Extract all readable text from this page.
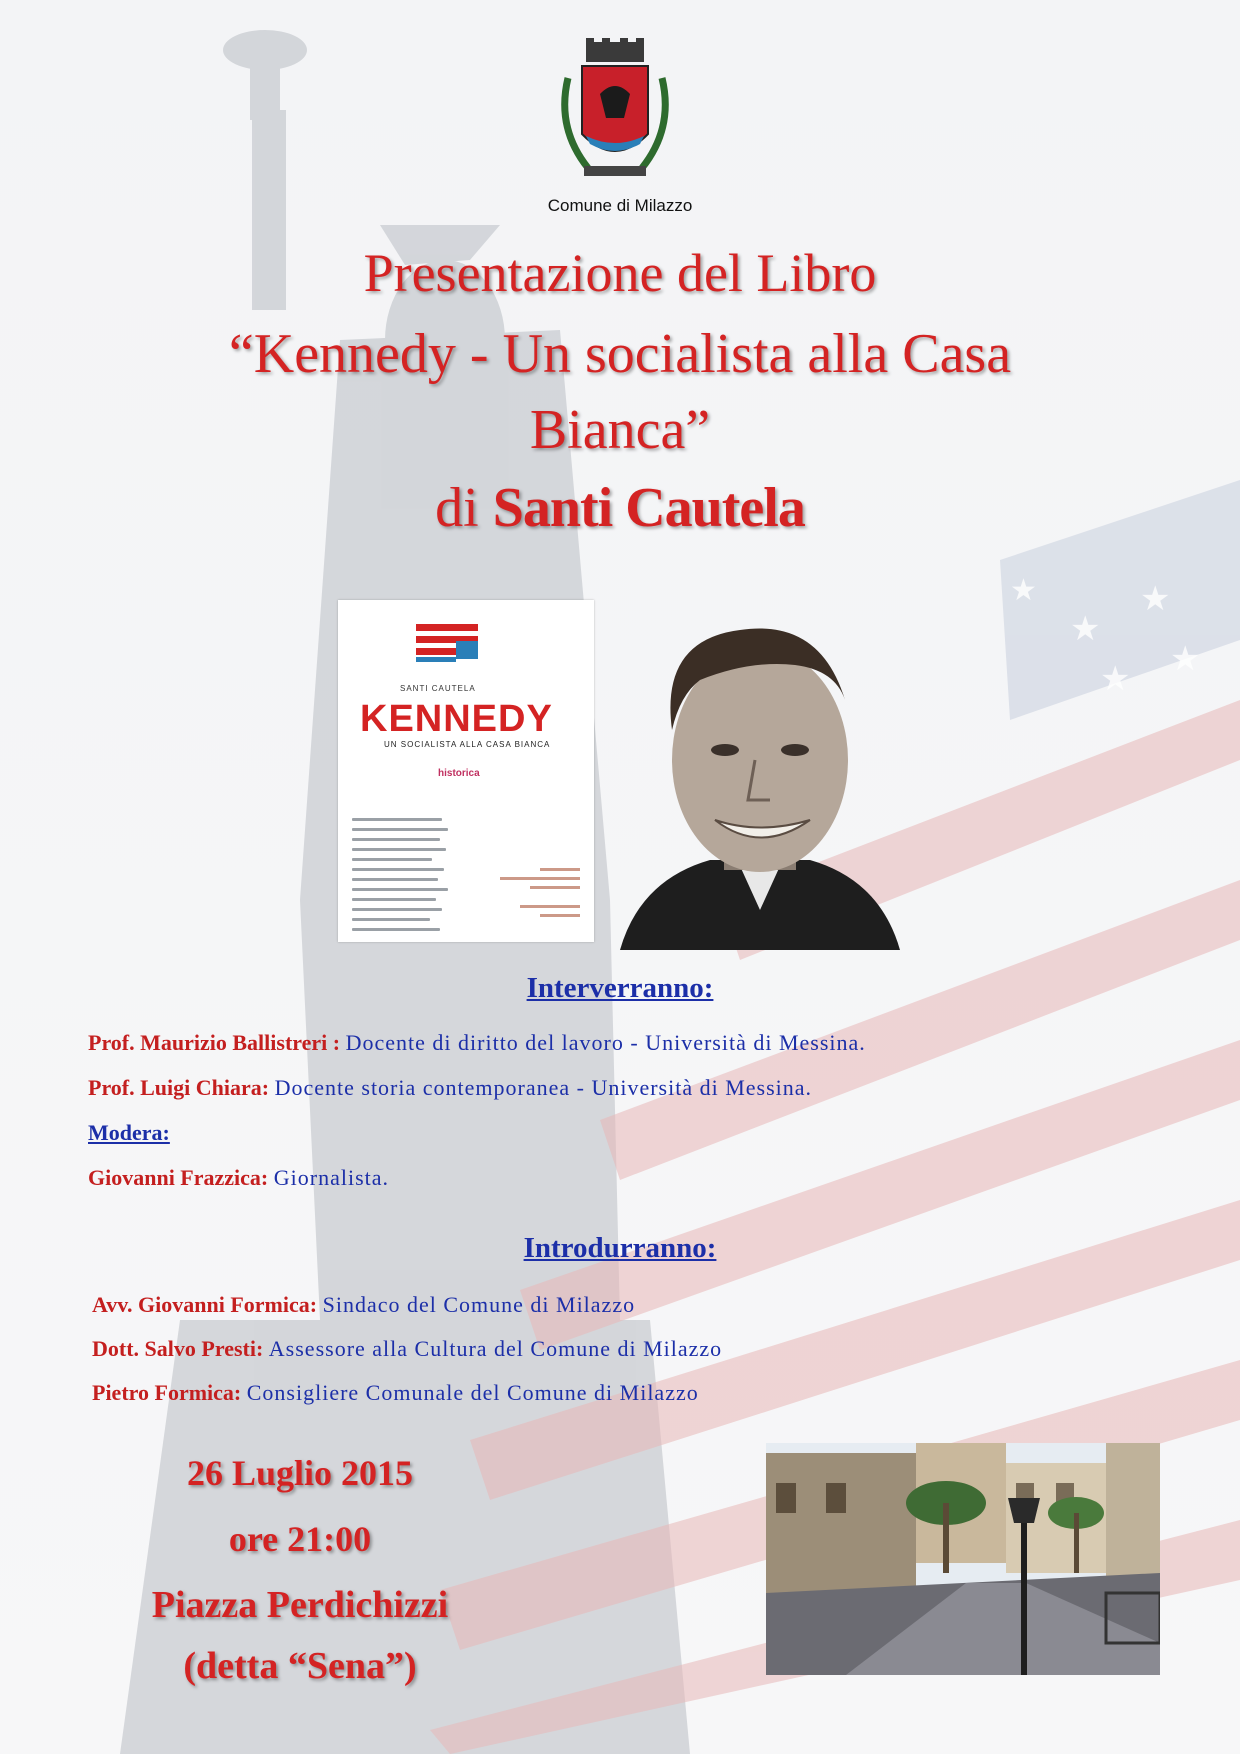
★
★
★
★
★
Comune di Milazzo
Presentazione del Libro
“Kennedy - Un socialista alla Casa
Bianca”
di Santi Cautela
SANTI CAUTELA
KENNEDY
UN SOCIALISTA ALLA CASA BIANCA
historica
Interverranno:
Prof. Maurizio Ballistreri : Docente di diritto del lavoro - Università di Messina.
Prof. Luigi Chiara: Docente storia contemporanea - Università di Messina.
Modera:
Giovanni Frazzica: Giornalista.
Introdurranno:
Avv. Giovanni Formica: Sindaco del Comune di Milazzo
Dott. Salvo Presti: Assessore alla Cultura del Comune di Milazzo
Pietro Formica: Consigliere Comunale del Comune di Milazzo
26 Luglio 2015
ore 21:00
Piazza Perdichizzi
(detta “Sena”)
